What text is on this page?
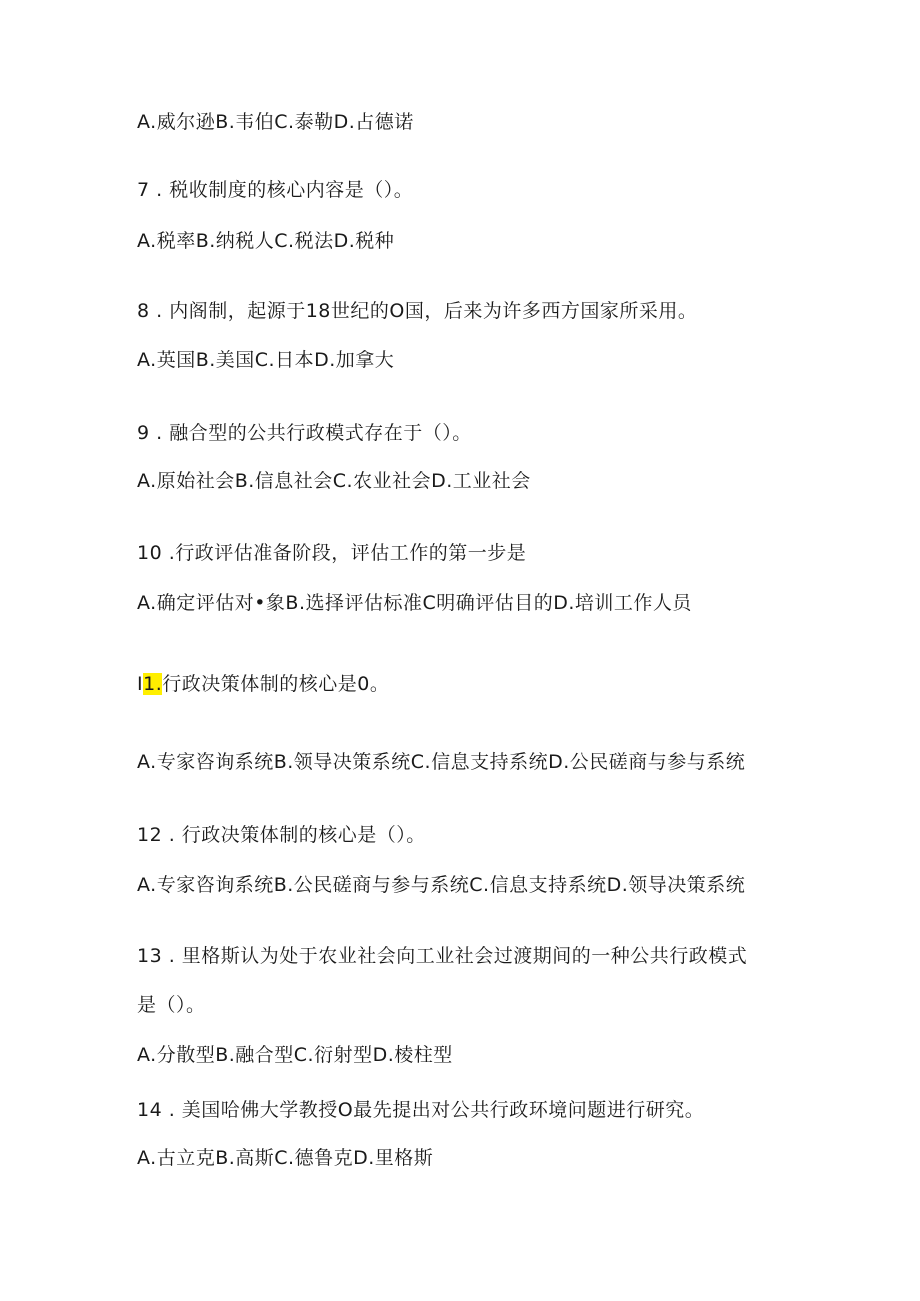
A.威尔逊B.韦伯C.泰勒D.占德诺
7 . 税收制度的核心内容是（）。
A.税率B.纳税人C.税法D.税种
8 . 内阁制，起源于18世纪的O国，后来为许多西方国家所采用。
A.英国B.美国C.日本D.加拿大
9 . 融合型的公共行政模式存在于（）。
A.原始社会B.信息社会C.农业社会D.工业社会
10 .行政评估准备阶段，评估工作的第一步是
A.确定评估对•象B.选择评估标准C明确评估目的D.培训工作人员
I1.行政决策体制的核心是0。
A.专家咨询系统B.领导决策系统C.信息支持系统D.公民磋商与参与系统
12 . 行政决策体制的核心是（）。
A.专家咨询系统B.公民磋商与参与系统C.信息支持系统D.领导决策系统
13 . 里格斯认为处于农业社会向工业社会过渡期间的一种公共行政模式
是（）。
A.分散型B.融合型C.衍射型D.棱柱型
14 . 美国哈佛大学教授O最先提出对公共行政环境问题进行研究。
A.古立克B.高斯C.德鲁克D.里格斯
